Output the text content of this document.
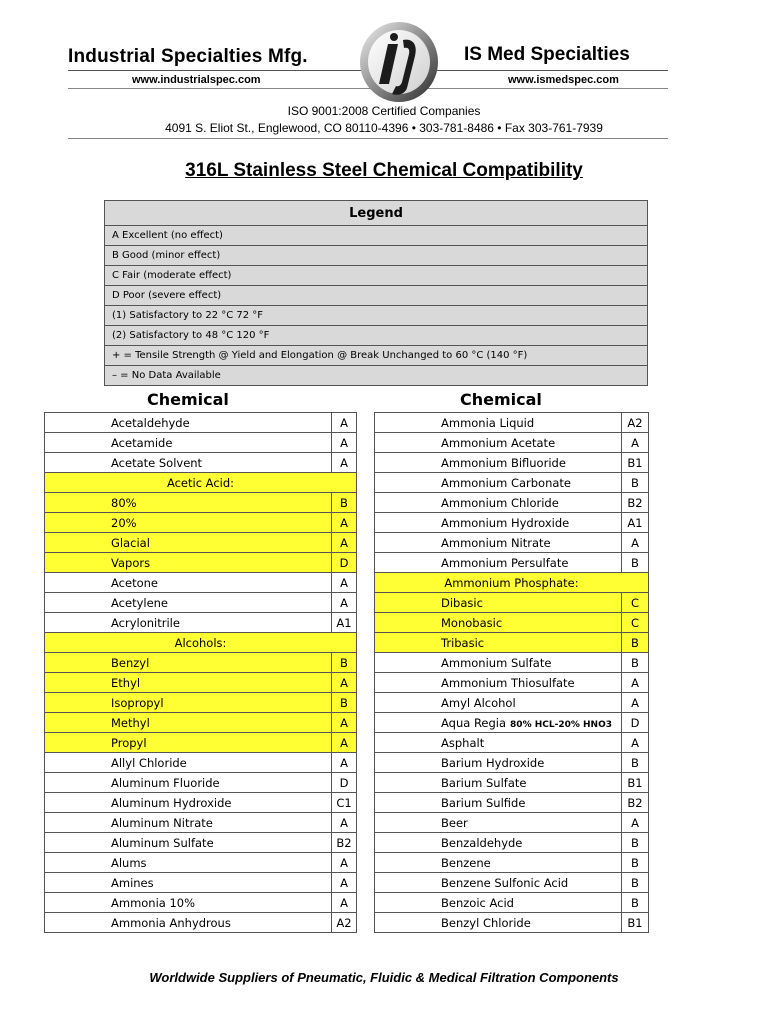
Industrial Specialties Mfg.	IS Med Specialties
www.industrialspec.com	www.ismedspec.com
ISO 9001:2008 Certified Companies
4091 S. Eliot St., Englewood, CO 80110-4396 • 303-781-8486 • Fax 303-761-7939
316L Stainless Steel Chemical Compatibility
Legend
A Excellent (no effect)
B Good (minor effect)
C Fair (moderate effect)
D Poor (severe effect)
(1) Satisfactory to 22 °C 72 °F
(2) Satisfactory to 48 °C 120 °F
+ = Tensile Strength @ Yield and Elongation @ Break Unchanged to 60 °C (140 °F)
– = No Data Available
Chemical	Chemical
Acetaldehyde	A
Acetamide	A
Acetate Solvent	A
Acetic Acid:	
80%	B
20%	A
Glacial	A
Vapors	D
Acetone	A
Acetylene	A
Acrylonitrile	A1
Alcohols:	
Benzyl	B
Ethyl	A
Isopropyl	B
Methyl	A
Propyl	A
Allyl Chloride	A
Aluminum Fluoride	D
Aluminum Hydroxide	C1
Aluminum Nitrate	A
Aluminum Sulfate	B2
Alums	A
Amines	A
Ammonia 10%	A
Ammonia Anhydrous	A2
Ammonia Liquid	A2
Ammonium Acetate	A
Ammonium Bifluoride	B1
Ammonium Carbonate	B
Ammonium Chloride	B2
Ammonium Hydroxide	A1
Ammonium Nitrate	A
Ammonium Persulfate	B
Ammonium Phosphate:	
Dibasic	C
Monobasic	C
Tribasic	B
Ammonium Sulfate	B
Ammonium Thiosulfate	A
Amyl Alcohol	A
Aqua Regia 80% HCL-20% HNO3	D
Asphalt	A
Barium Hydroxide	B
Barium Sulfate	B1
Barium Sulfide	B2
Beer	A
Benzaldehyde	B
Benzene	B
Benzene Sulfonic Acid	B
Benzoic Acid	B
Benzyl Chloride	B1
Worldwide Suppliers of Pneumatic, Fluidic & Medical Filtration Components
